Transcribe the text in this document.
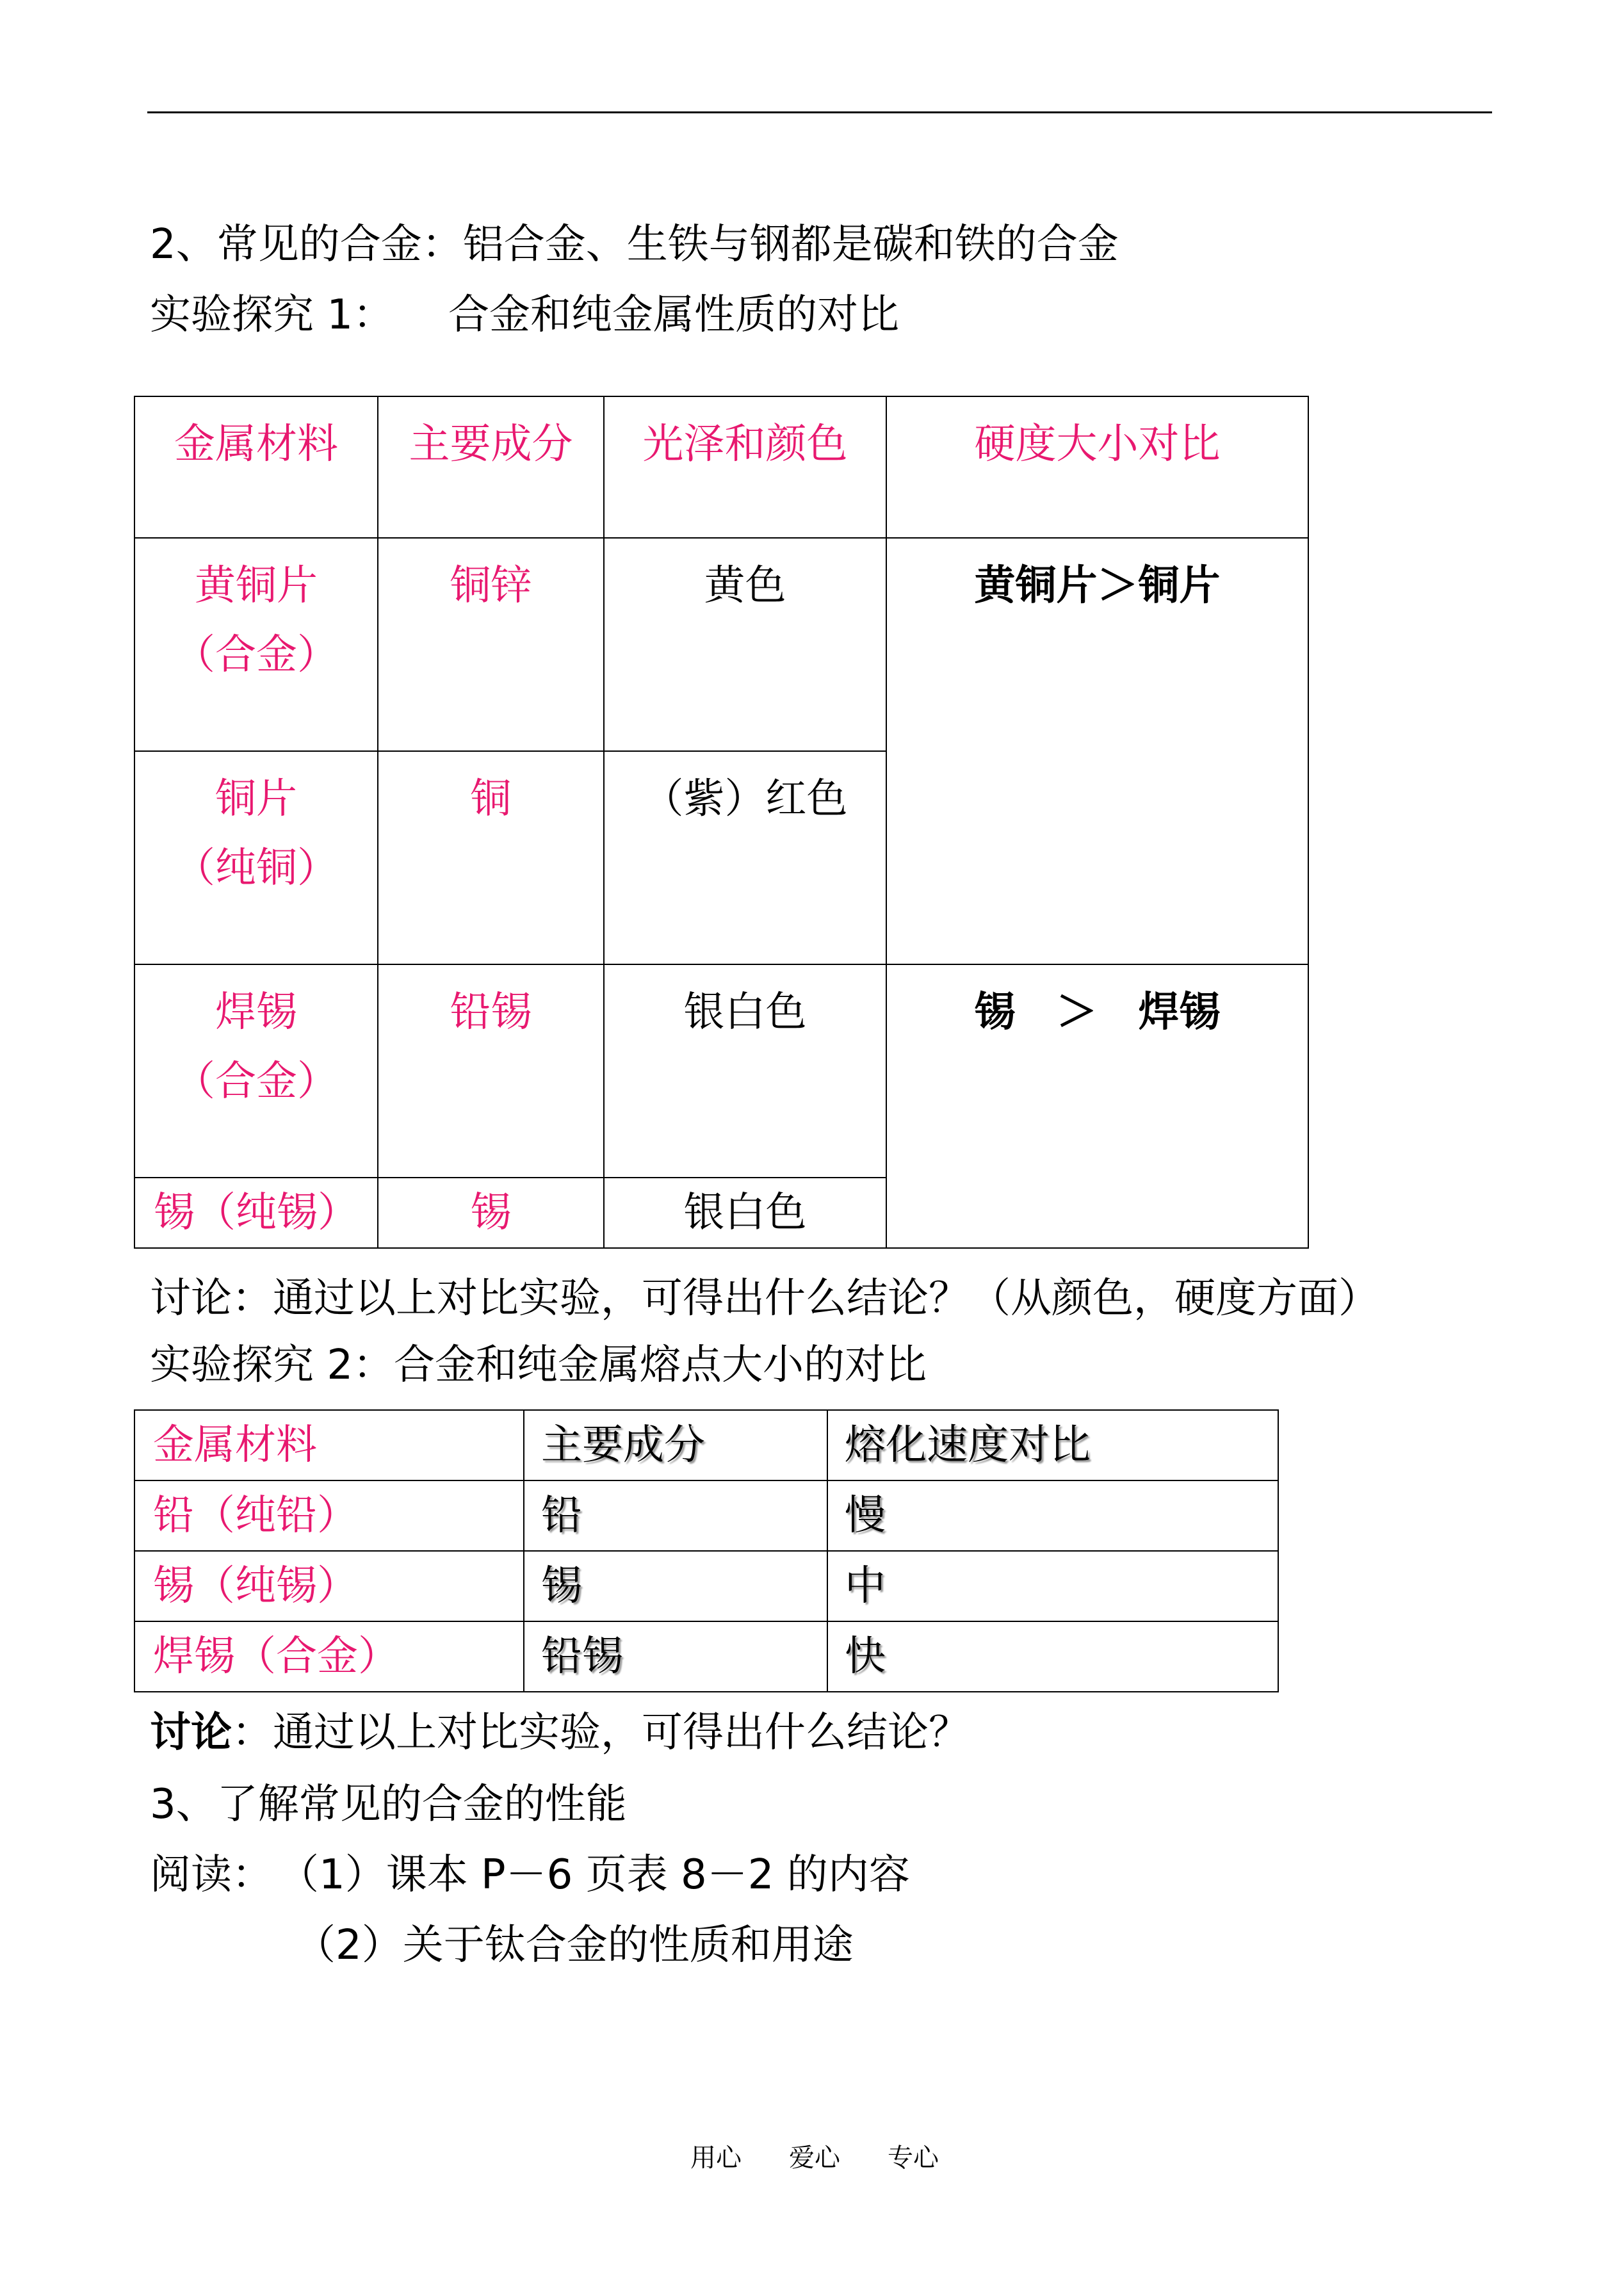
2、常见的合金：铝合金、生铁与钢都是碳和铁的合金
实验探究 1： 合金和纯金属性质的对比
金属材料	主要成分	光泽和颜色	硬度大小对比

黄铜片
（合金）	铜锌	黄色	黄铜片＞铜片

铜片
（纯铜）	铜	（紫）红色	

焊锡
（合金）	铅锡	银白色	锡　＞　焊锡

锡（纯锡）	锡	银白色	
讨论：通过以上对比实验，可得出什么结论？（从颜色，硬度方面）
实验探究 2：合金和纯金属熔点大小的对比
金属材料	主要成分	熔化速度对比
铅（纯铅）	铅	慢
锡（纯锡）	锡	中
焊锡（合金）	铅锡	快
讨论：通过以上对比实验，可得出什么结论？
3、了解常见的合金的性能
阅读： （1）课本 P－6 页表 8－2 的内容
（2）关于钛合金的性质和用途
用心 爱心 专心
